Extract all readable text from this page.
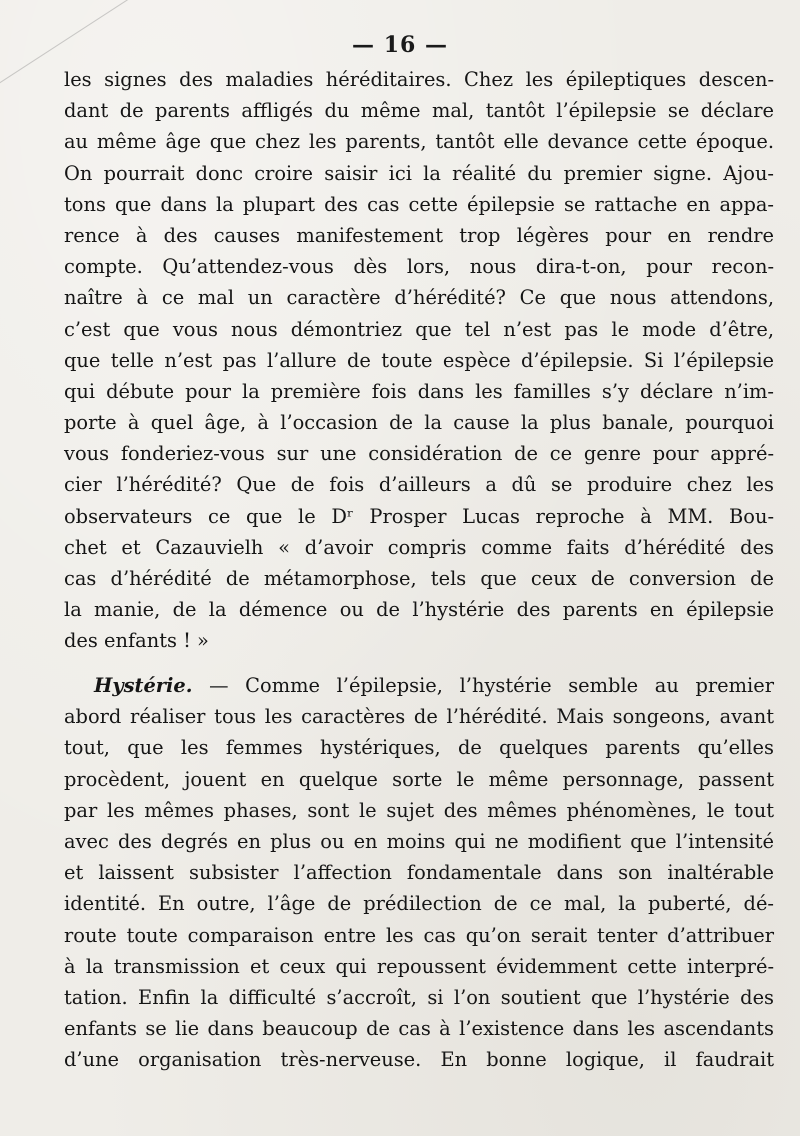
— 16 —
les signes des maladies héréditaires. Chez les épileptiques descen-
dant de parents affligés du même mal, tantôt l’épilepsie se déclare
au même âge que chez les parents, tantôt elle devance cette époque.
On pourrait donc croire saisir ici la réalité du premier signe. Ajou-
tons que dans la plupart des cas cette épilepsie se rattache en appa-
rence à des causes manifestement trop légères pour en rendre
compte. Qu’attendez-vous dès lors, nous dira-t-on, pour recon-
naître à ce mal un caractère d’hérédité? Ce que nous attendons,
c’est que vous nous démontriez que tel n’est pas le mode d’être,
que telle n’est pas l’allure de toute espèce d’épilepsie. Si l’épilepsie
qui débute pour la première fois dans les familles s’y déclare n’im-
porte à quel âge, à l’occasion de la cause la plus banale, pourquoi
vous fonderiez-vous sur une considération de ce genre pour appré-
cier l’hérédité? Que de fois d’ailleurs a dû se produire chez les
observateurs ce que le Dʳ Prosper Lucas reproche à MM. Bou-
chet et Cazauvielh « d’avoir compris comme faits d’hérédité des
cas d’hérédité de métamorphose, tels que ceux de conversion de
la manie, de la démence ou de l’hystérie des parents en épilepsie
des enfants ! »
Hystérie. — Comme l’épilepsie, l’hystérie semble au premier
abord réaliser tous les caractères de l’hérédité. Mais songeons, avant
tout, que les femmes hystériques, de quelques parents qu’elles
procèdent, jouent en quelque sorte le même personnage, passent
par les mêmes phases, sont le sujet des mêmes phénomènes, le tout
avec des degrés en plus ou en moins qui ne modifient que l’intensité
et laissent subsister l’affection fondamentale dans son inaltérable
identité. En outre, l’âge de prédilection de ce mal, la puberté, dé-
route toute comparaison entre les cas qu’on serait tenter d’attribuer
à la transmission et ceux qui repoussent évidemment cette interpré-
tation. Enfin la difficulté s’accroît, si l’on soutient que l’hystérie des
enfants se lie dans beaucoup de cas à l’existence dans les ascendants
d’une organisation très-nerveuse. En bonne logique, il faudrait
